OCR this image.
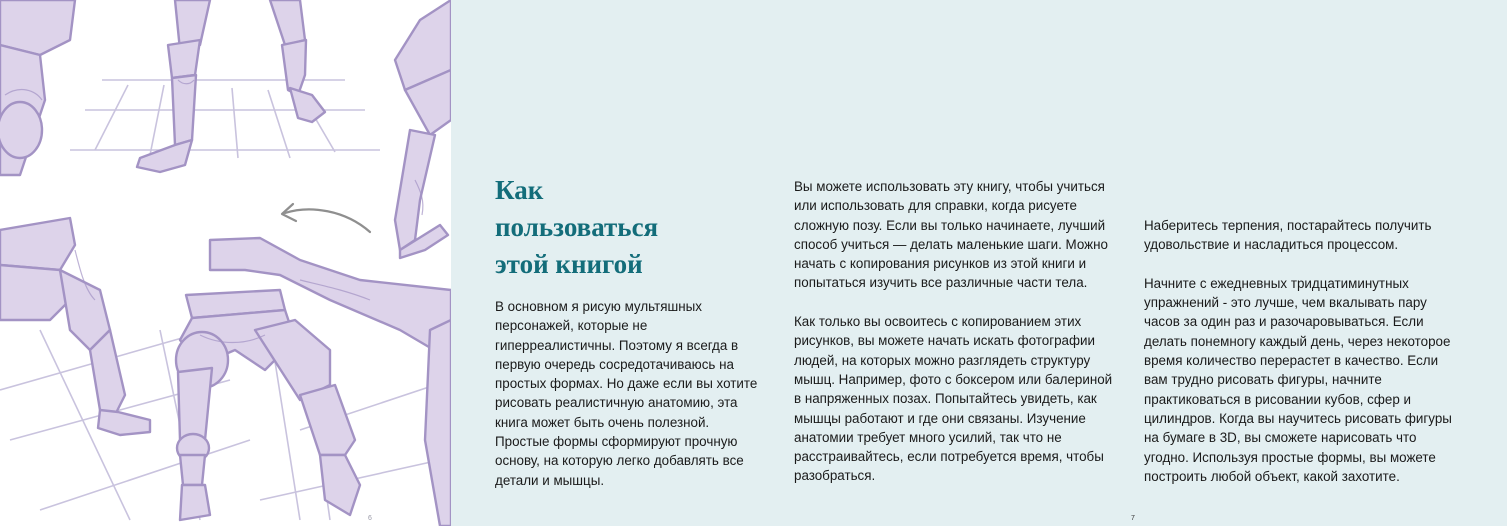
6
Как
пользоваться
этой книгой

В основном я рисую мультяшных персонажей, которые не гиперреалистичны. Поэтому я всегда в первую очередь сосредотачиваюсь на простых формах. Но даже если вы хотите рисовать реалистичную анатомию, эта книга может быть очень полезной. Простые формы сформируют прочную основу, на которую легко добавлять все детали и мышцы.

Вы можете использовать эту книгу, чтобы учиться или использовать для справки, когда рисуете сложную позу. Если вы только начинаете, лучший способ учиться — делать маленькие шаги. Можно начать с копирования рисунков из этой книги и попытаться изучить все различные части тела.

Как только вы освоитесь с копированием этих рисунков, вы можете начать искать фотографии людей, на которых можно разглядеть структуру мышц. Например, фото с боксером или балериной в напряженных позах. Попытайтесь увидеть, как мышцы работают и где они связаны. Изучение анатомии требует много усилий, так что не расстраивайтесь, если потребуется время, чтобы разобраться.

Наберитесь терпения, постарайтесь получить удовольствие и насладиться процессом.

Начните с ежедневных тридцатиминутных упражнений - это лучше, чем вкалывать пару часов за один раз и разочаровываться. Если делать понемногу каждый день, через некоторое время количество перерастет в качество. Если вам трудно рисовать фигуры, начните практиковаться в рисовании кубов, сфер и цилиндров. Когда вы научитесь рисовать фигуры на бумаге в 3D, вы сможете нарисовать что угодно. Используя простые формы, вы можете построить любой объект, какой захотите.

7
